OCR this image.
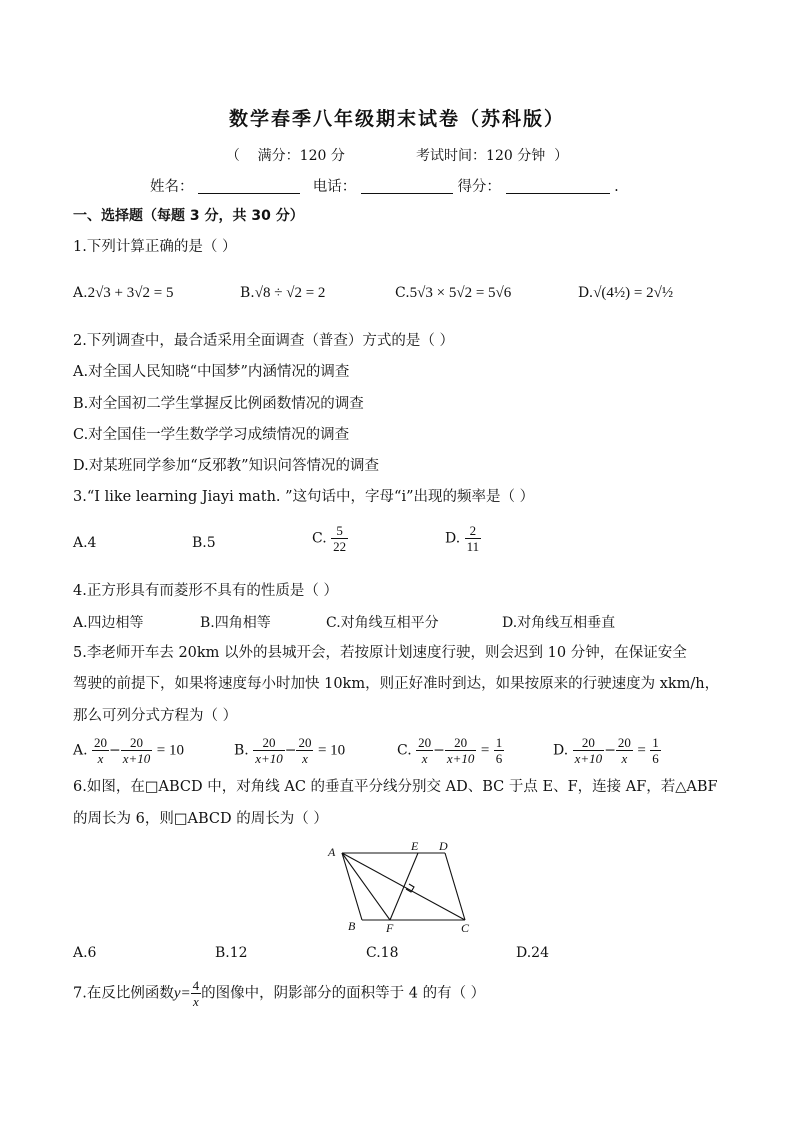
数学春季八年级期末试卷（苏科版）
（    满分：120 分                考试时间：120 分钟  ）
姓名：	电话：	得分：	.
一、选择题（每题 3 分，共 30 分）
1.下列计算正确的是（ ）
A.2√3 + 3√2 = 5	B.√8 ÷ √2 = 2	C.5√3 × 5√2 = 5√6	D.√(4½) = 2√½
2.下列调查中，最合适采用全面调查（普查）方式的是（ ）
A.对全国人民知晓“中国梦”内涵情况的调查
B.对全国初二学生掌握反比例函数情况的调查
C.对全国佳一学生数学学习成绩情况的调查
D.对某班同学参加“反邪教”知识问答情况的调查
3.“I like learning Jiayi math. ”这句话中，字母“i”出现的频率是（ ）
A.4	B.5	C. $\frac{5}{22}$	D. $\frac{2}{11}$
4.正方形具有而菱形不具有的性质是（ ）
A.四边相等	B.四角相等	C.对角线互相平分	D.对角线互相垂直
5.李老师开车去 20km 以外的县城开会，若按原计划速度行驶，则会迟到 10 分钟，在保证安全
驾驶的前提下，如果将速度每小时加快 10km，则正好准时到达，如果按原来的行驶速度为 xkm/h，
那么可列分式方程为（ ）
A. $\frac{20}{x} - \frac{20}{x+10} = 10$	B. $\frac{20}{x+10} - \frac{20}{x} = 10$	C. $\frac{20}{x} - \frac{20}{x+10} = \frac{1}{6}$	D. $\frac{20}{x+10} - \frac{20}{x} = \frac{1}{6}$
6.如图，在□ABCD 中，对角线 AC 的垂直平分线分别交 AD、BC 于点 E、F，连接 AF，若△ABF
的周长为 6，则□ABCD 的周长为（ ）
A	D
E
B	F	C
A.6	B.12	C.18	D.24
7.在反比例函数$y= \frac{4}{x}$ 的图像中，阴影部分的面积等于 4 的有（ ）
